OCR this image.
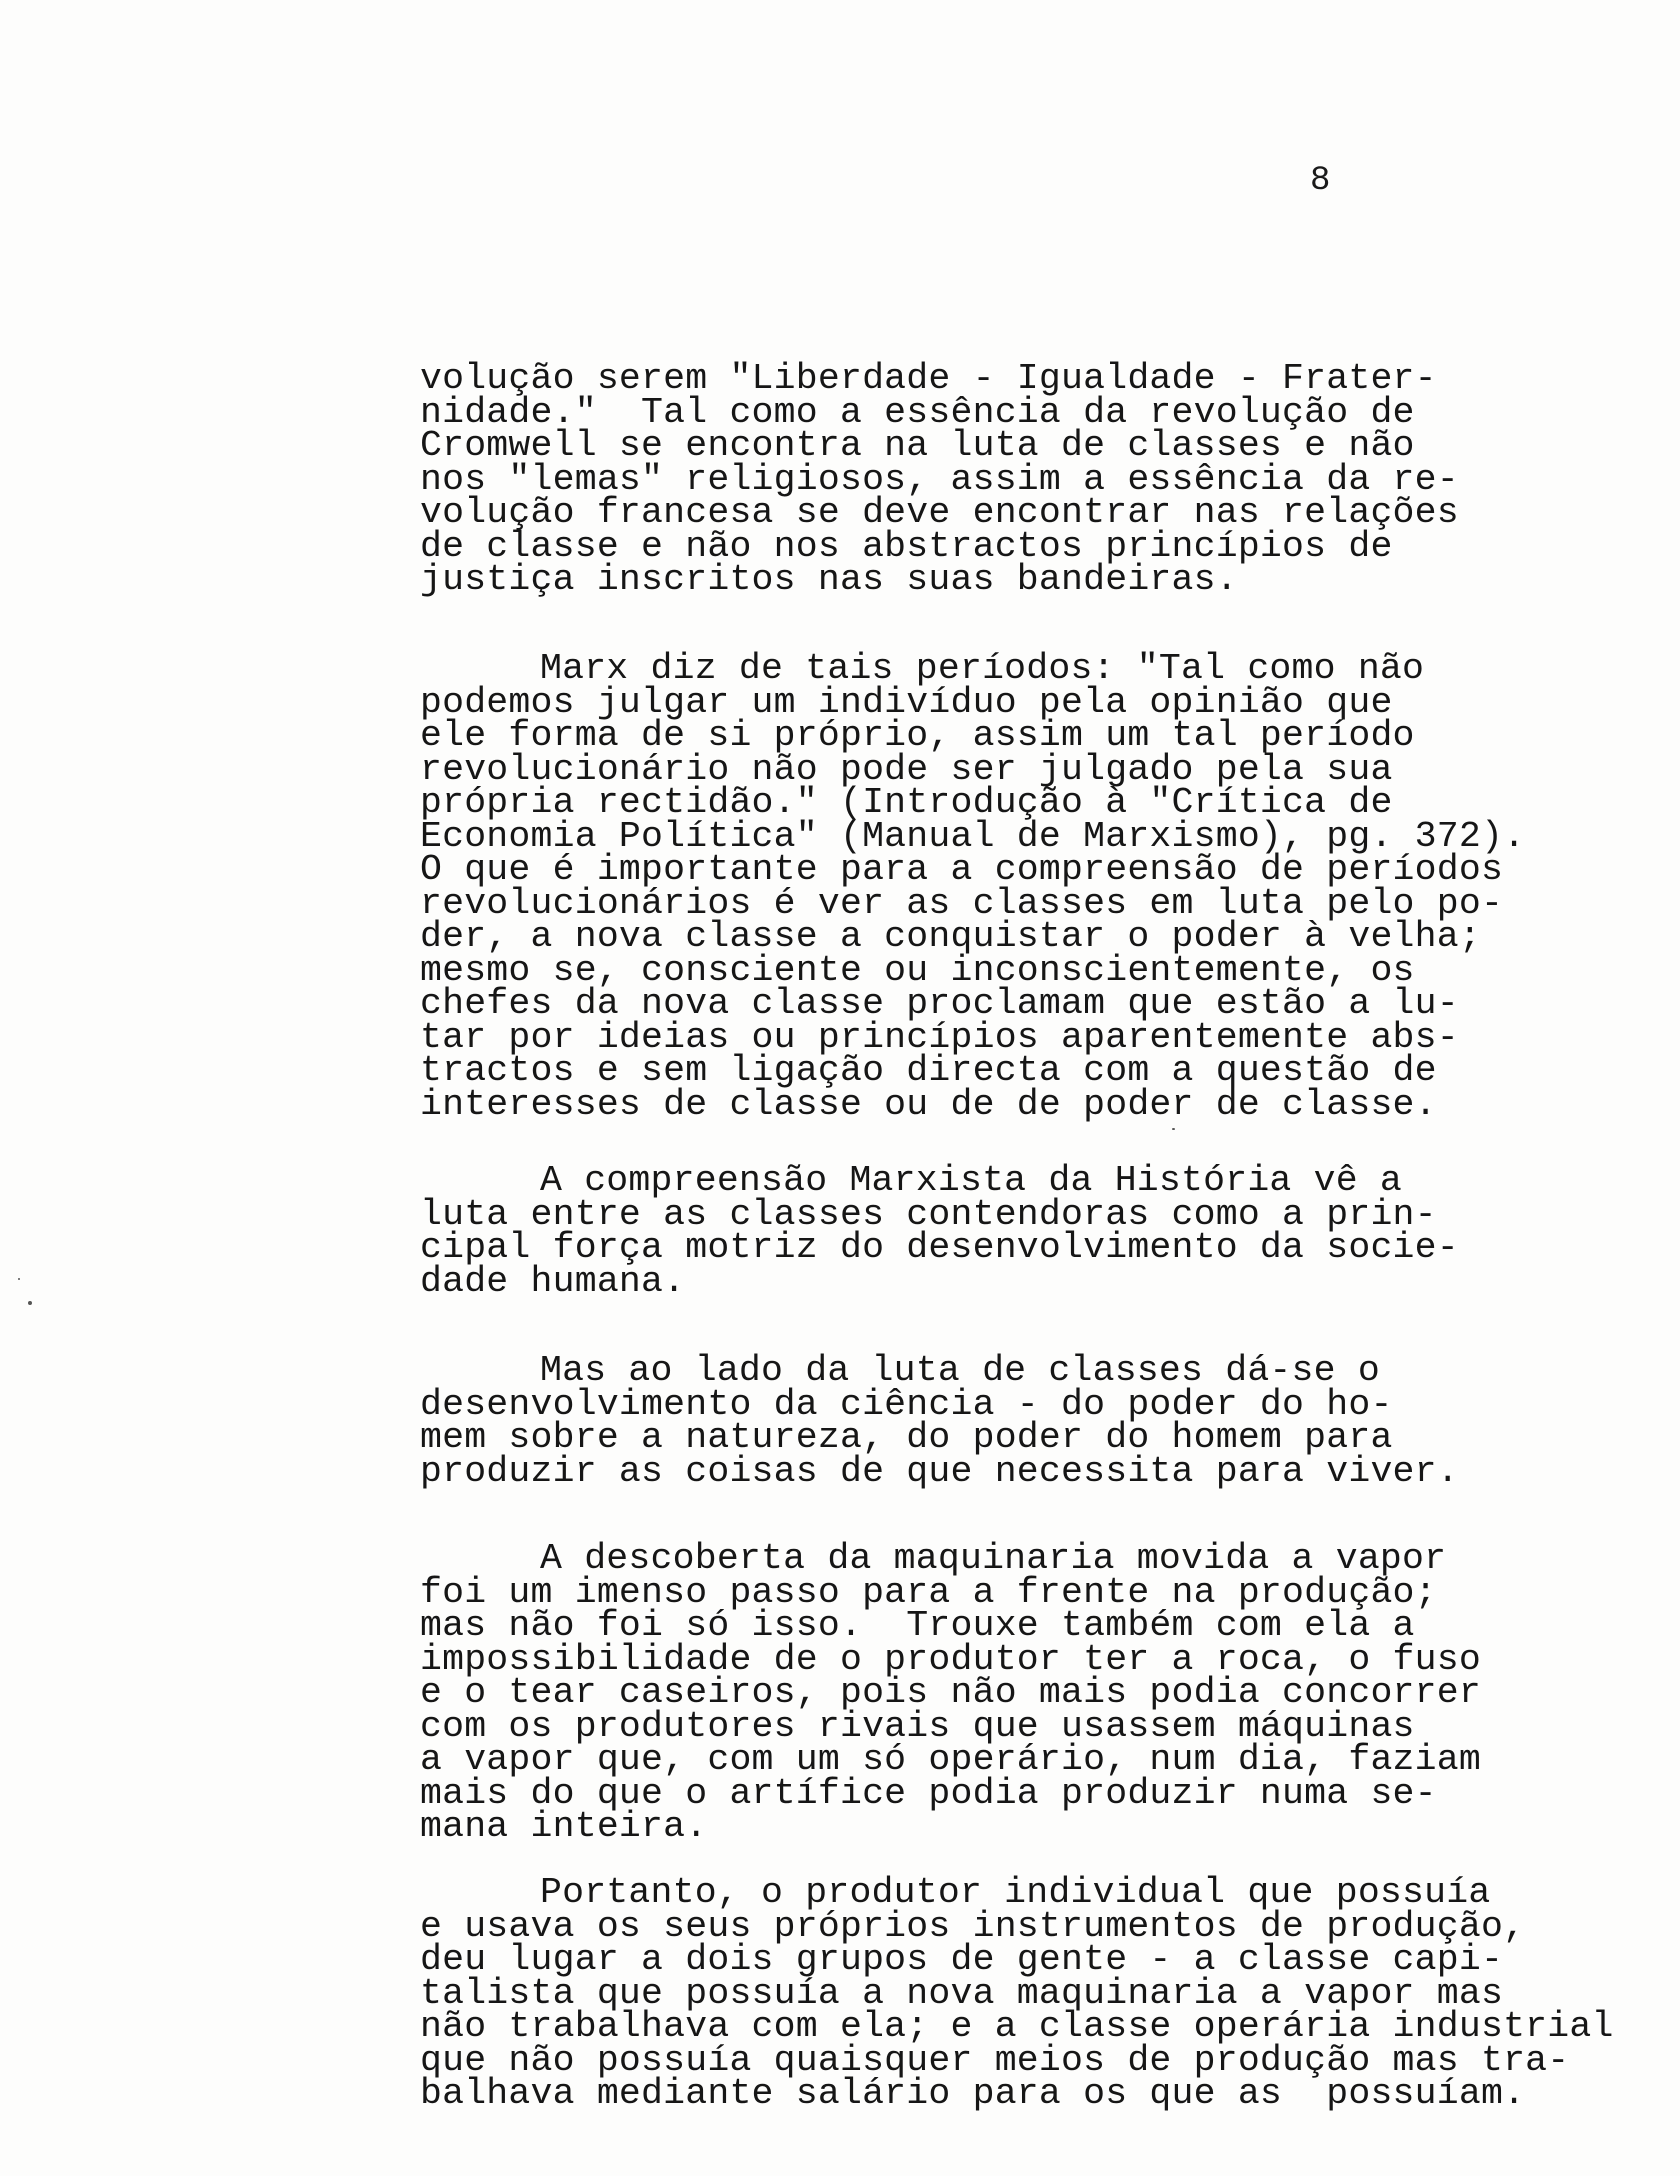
8
volução serem "Liberdade - Igualdade - Frater-
nidade."  Tal como a essência da revolução de
Cromwell se encontra na luta de classes e não
nos "lemas" religiosos, assim a essência da re-
volução francesa se deve encontrar nas relações
de classe e não nos abstractos princípios de
justiça inscritos nas suas bandeiras.
Marx diz de tais períodos: "Tal como não
podemos julgar um indivíduo pela opinião que
ele forma de si próprio, assim um tal período
revolucionário não pode ser julgado pela sua
própria rectidão." (Introdução à "Crítica de
Economia Política" (Manual de Marxismo), pg. 372).
O que é importante para a compreensão de períodos
revolucionários é ver as classes em luta pelo po-
der, a nova classe a conquistar o poder à velha;
mesmo se, consciente ou inconscientemente, os
chefes da nova classe proclamam que estão a lu-
tar por ideias ou princípios aparentemente abs-
tractos e sem ligação directa com a questão de
interesses de classe ou de de poder de classe.
A compreensão Marxista da História vê a
luta entre as classes contendoras como a prin-
cipal força motriz do desenvolvimento da socie-
dade humana.
Mas ao lado da luta de classes dá-se o
desenvolvimento da ciência - do poder do ho-
mem sobre a natureza, do poder do homem para
produzir as coisas de que necessita para viver.
A descoberta da maquinaria movida a vapor
foi um imenso passo para a frente na produção;
mas não foi só isso.  Trouxe também com ela a
impossibilidade de o produtor ter a roca, o fuso
e o tear caseiros, pois não mais podia concorrer
com os produtores rivais que usassem máquinas
a vapor que, com um só operário, num dia, faziam
mais do que o artífice podia produzir numa se-
mana inteira.
Portanto, o produtor individual que possuía
e usava os seus próprios instrumentos de produção,
deu lugar a dois grupos de gente - a classe capi-
talista que possuía a nova maquinaria a vapor mas
não trabalhava com ela; e a classe operária industrial
que não possuía quaisquer meios de produção mas tra-
balhava mediante salário para os que as  possuíam.
